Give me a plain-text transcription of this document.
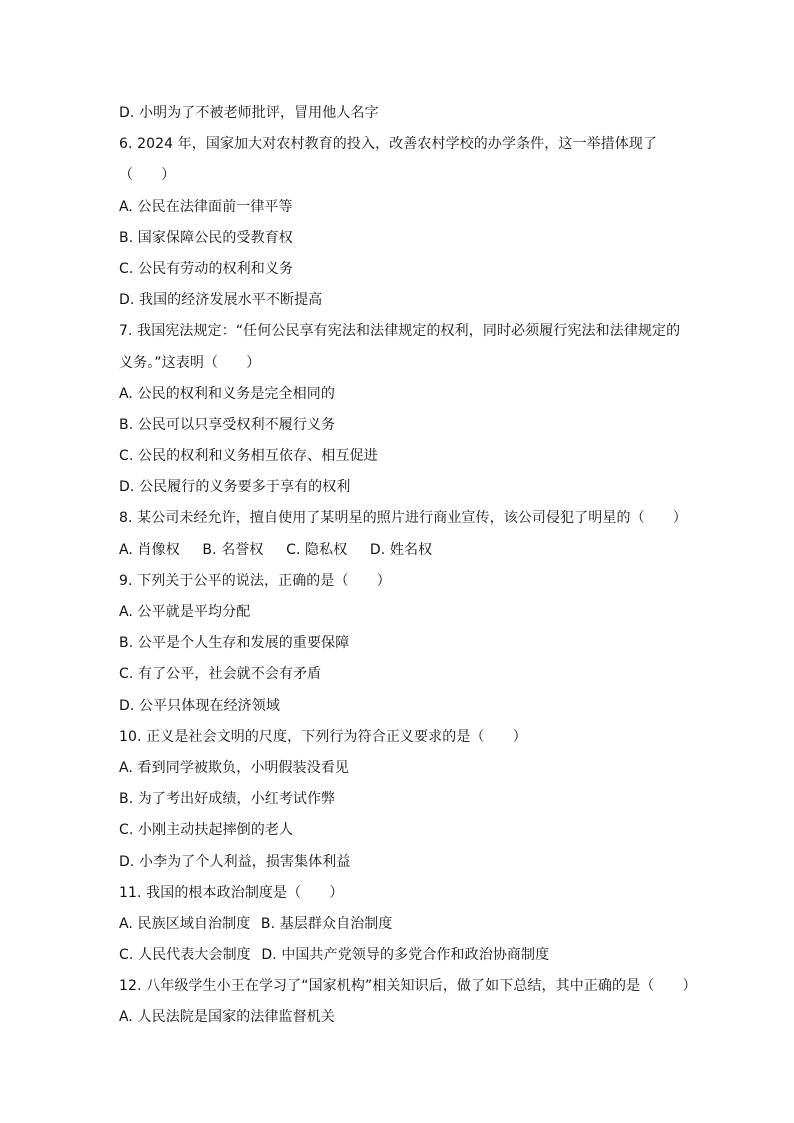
D. 小明为了不被老师批评，冒用他人名字
6. 2024 年，国家加大对农村教育的投入，改善农村学校的办学条件，这一举措体现了
（　　）
A. 公民在法律面前一律平等
B. 国家保障公民的受教育权
C. 公民有劳动的权利和义务
D. 我国的经济发展水平不断提高
7. 我国宪法规定：“任何公民享有宪法和法律规定的权利，同时必须履行宪法和法律规定的
义务。”这表明（　　）
A. 公民的权利和义务是完全相同的
B. 公民可以只享受权利不履行义务
C. 公民的权利和义务相互依存、相互促进
D. 公民履行的义务要多于享有的权利
8. 某公司未经允许，擅自使用了某明星的照片进行商业宣传，该公司侵犯了明星的（　　）
A. 肖像权 B. 名誉权 C. 隐私权 D. 姓名权
9. 下列关于公平的说法，正确的是（　　）
A. 公平就是平均分配
B. 公平是个人生存和发展的重要保障
C. 有了公平，社会就不会有矛盾
D. 公平只体现在经济领域
10. 正义是社会文明的尺度，下列行为符合正义要求的是（　　）
A. 看到同学被欺负，小明假装没看见
B. 为了考出好成绩，小红考试作弊
C. 小刚主动扶起摔倒的老人
D. 小李为了个人利益，损害集体利益
11. 我国的根本政治制度是（　　）
A. 民族区域自治制度 B. 基层群众自治制度
C. 人民代表大会制度 D. 中国共产党领导的多党合作和政治协商制度
12. 八年级学生小王在学习了“国家机构”相关知识后，做了如下总结，其中正确的是（　　）
A. 人民法院是国家的法律监督机关
